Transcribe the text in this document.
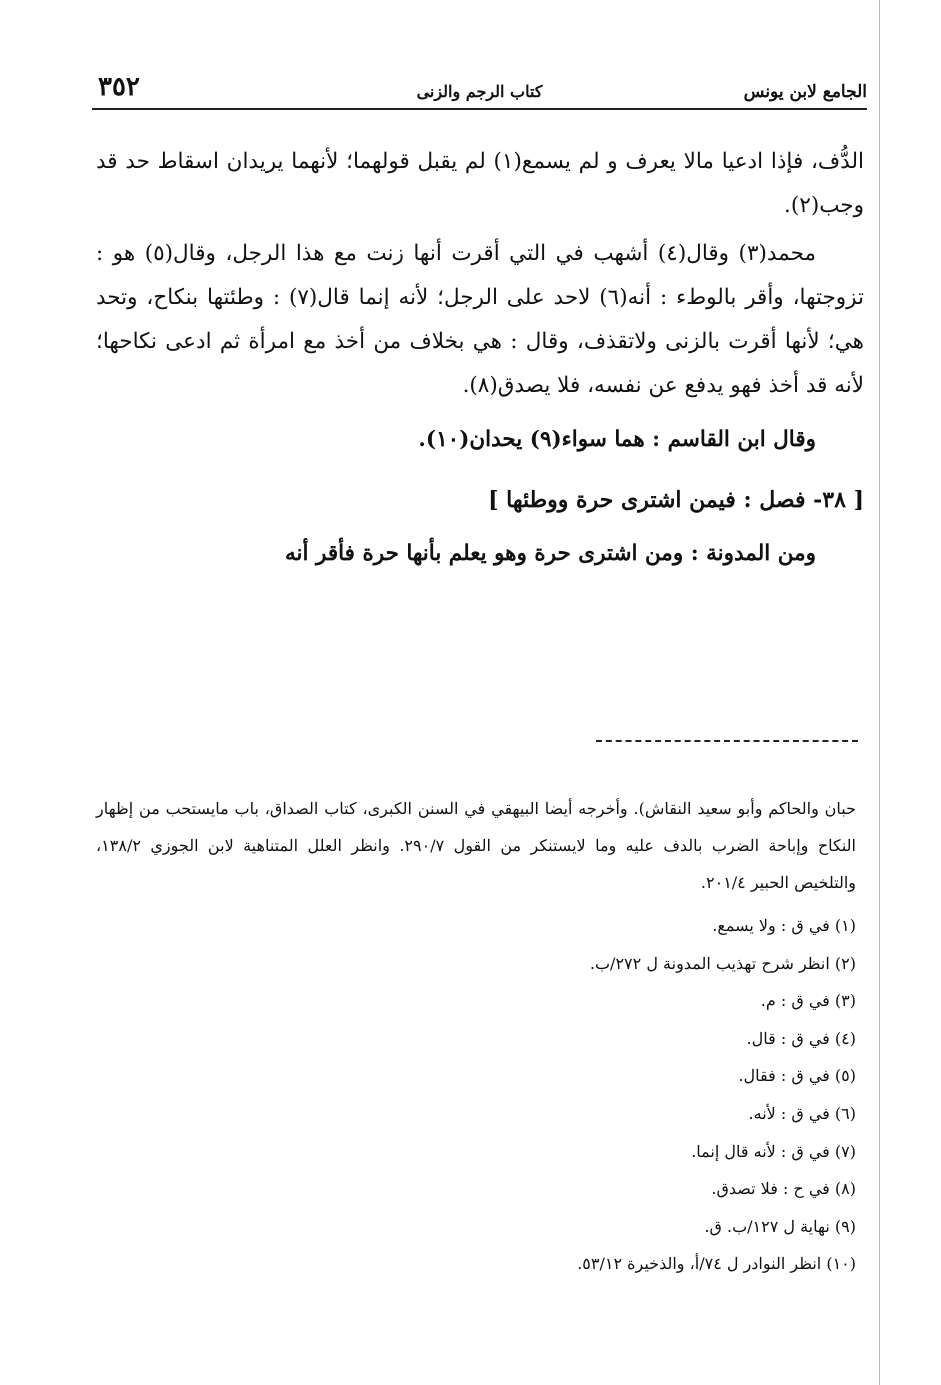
الجامع لابن يونس
كتاب الرجم والزنى
٣٥٢

الدُّف، فإذا ادعيا مالا يعرف و لم يسمع(١) لم يقبل قولهما؛ لأنهما يريدان اسقاط حد قد وجب(٢).

محمد(٣) وقال(٤) أشهب في التي أقرت أنها زنت مع هذا الرجل، وقال(٥) هو : تزوجتها، وأقر بالوطء : أنه(٦) لاحد على الرجل؛ لأنه إنما قال(٧) : وطئتها بنكاح، وتحد هي؛ لأنها أقرت بالزنى ولاتقذف، وقال : هي بخلاف من أخذ مع امرأة ثم ادعى نكاحها؛ لأنه قد أخذ فهو يدفع عن نفسه، فلا يصدق(٨).

وقال ابن القاسم : هما سواء(٩) يحدان(١٠).

[ ٣٨- فصل : فيمن اشترى حرة ووطئها ]

ومن المدونة : ومن اشترى حرة وهو يعلم بأنها حرة فأقر أنه

حبان والحاكم وأبو سعيد النقاش). وأخرجه أيضا البيهقي في السنن الكبرى، كتاب الصداق، باب مايستحب من إظهار النكاح وإباحة الضرب بالدف عليه وما لايستنكر من القول ٢٩٠/٧. وانظر العلل المتناهية لابن الجوزي ١٣٨/٢، والتلخيص الحبير ٢٠١/٤.

(١) في ق : ولا يسمع.
(٢) انظر شرح تهذيب المدونة ل ٢٧٢/ب.
(٣) في ق : م.
(٤) في ق : قال.
(٥) في ق : فقال.
(٦) في ق : لأنه.
(٧) في ق : لأنه قال إنما.
(٨) في ح : فلا تصدق.
(٩) نهاية ل ١٢٧/ب. ق.
(١٠) انظر النوادر ل ٧٤/أ، والذخيرة ٥٣/١٢.
